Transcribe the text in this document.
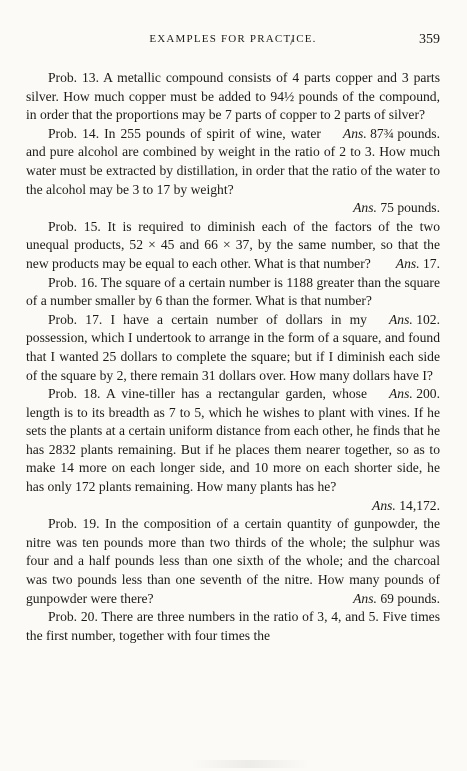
EXAMPLES FOR PRACTICE.	359

Prob. 13. A metallic compound consists of 4 parts copper and 3 parts silver. How much copper must be added to 94½ pounds of the compound, in order that the proportions may be 7 parts of copper to 2 parts of silver?
Ans. 87¾ pounds.

Prob. 14. In 255 pounds of spirit of wine, water and pure alcohol are combined by weight in the ratio of 2 to 3. How much water must be extracted by distillation, in order that the ratio of the water to the alcohol may be 3 to 17 by weight?

Ans. 75 pounds.

Prob. 15. It is required to diminish each of the factors of the two unequal products, 52 × 45 and 66 × 37, by the same number, so that the new products may be equal to each other. What is that number?	Ans. 17.

Prob. 16. The square of a certain number is 1188 greater than the square of a number smaller by 6 than the former. What is that number?
Ans. 102.

Prob. 17. I have a certain number of dollars in my possession, which I undertook to arrange in the form of a square, and found that I wanted 25 dollars to complete the square; but if I diminish each side of the square by 2, there remain 31 dollars over. How many dollars have I?
Ans. 200.

Prob. 18. A vine-tiller has a rectangular garden, whose length is to its breadth as 7 to 5, which he wishes to plant with vines. If he sets the plants at a certain uniform distance from each other, he finds that he has 2832 plants remaining. But if he places them nearer together, so as to make 14 more on each longer side, and 10 more on each shorter side, he has only 172 plants remaining. How many plants has he?

Ans. 14,172.

Prob. 19. In the composition of a certain quantity of gunpowder, the nitre was ten pounds more than two thirds of the whole; the sulphur was four and a half pounds less than one sixth of the whole; and the charcoal was two pounds less than one seventh of the nitre. How many pounds of gunpowder were there?	Ans. 69 pounds.

Prob. 20. There are three numbers in the ratio of 3, 4, and 5. Five times the first number, together with four times the
